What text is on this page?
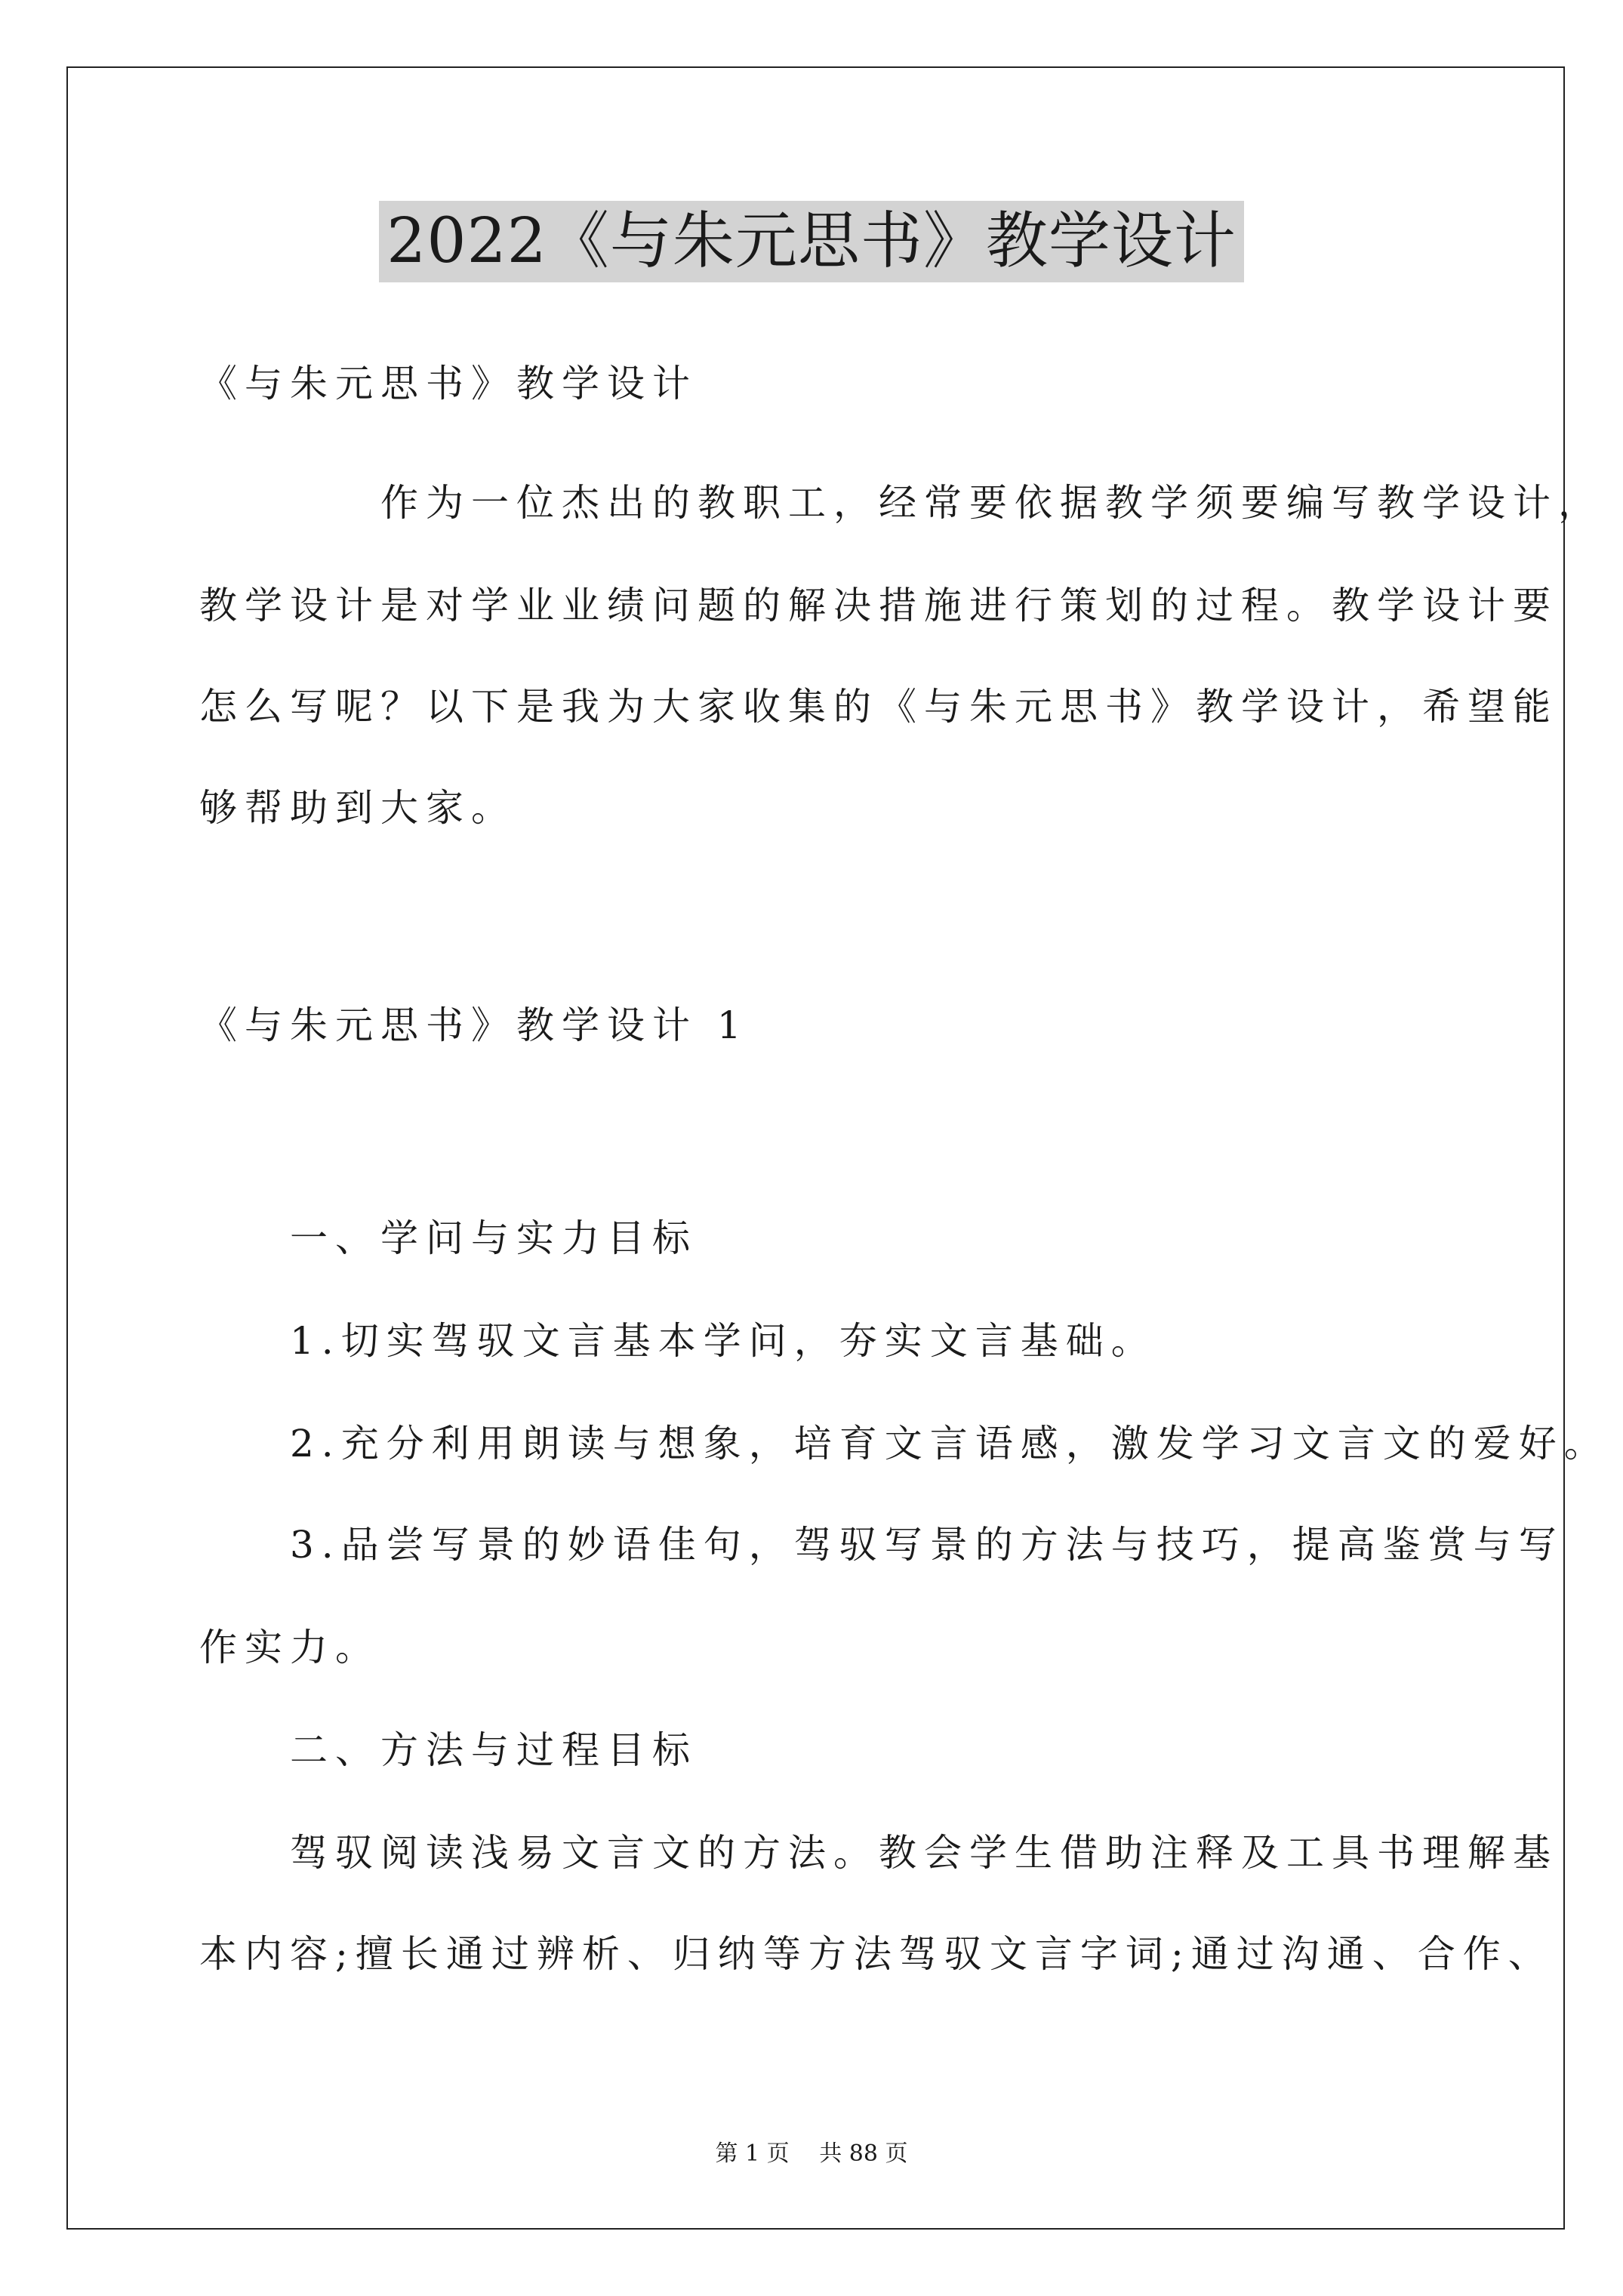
2022《与朱元思书》教学设计
《与朱元思书》教学设计
　　　　作为一位杰出的教职工，经常要依据教学须要编写教学设计，
教学设计是对学业业绩问题的解决措施进行策划的过程。教学设计要
怎么写呢？以下是我为大家收集的《与朱元思书》教学设计，希望能
够帮助到大家。
《与朱元思书》教学设计 1
　　一、学问与实力目标
　　1.切实驾驭文言基本学问，夯实文言基础。
　　2.充分利用朗读与想象，培育文言语感，激发学习文言文的爱好。
　　3.品尝写景的妙语佳句，驾驭写景的方法与技巧，提高鉴赏与写
作实力。
　　二、方法与过程目标
　　驾驭阅读浅易文言文的方法。教会学生借助注释及工具书理解基
本内容;擅长通过辨析、归纳等方法驾驭文言字词;通过沟通、合作、
第 1 页　 共 88 页
